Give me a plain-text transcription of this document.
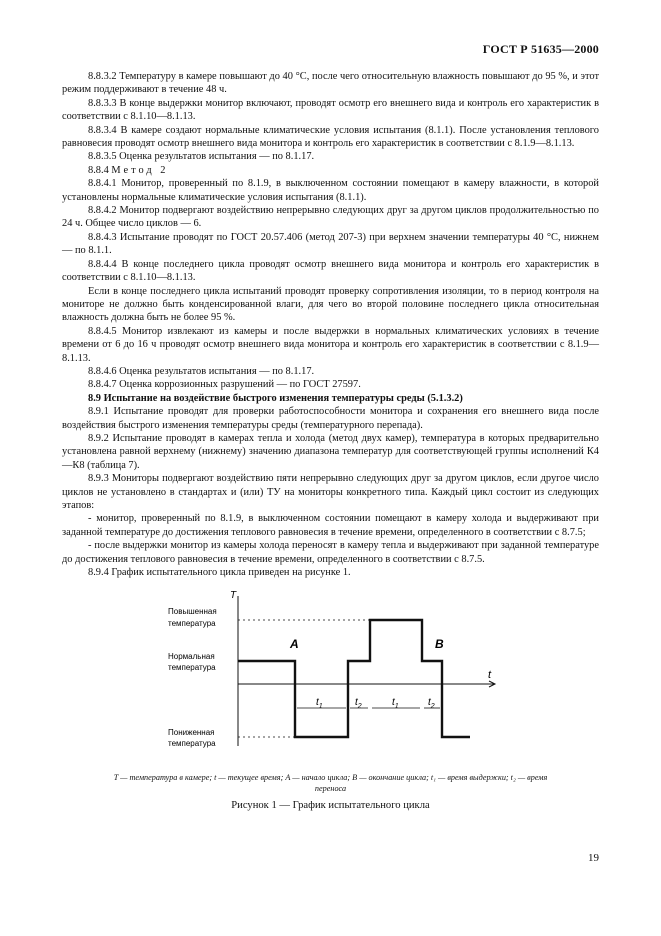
ГОСТ Р 51635—2000

8.8.3.2 Температуру в камере повышают до 40 °С, после чего относительную влажность повышают до 95 %, и этот режим поддерживают в течение 48 ч.

8.8.3.3 В конце выдержки монитор включают, проводят осмотр его внешнего вида и контроль его характеристик в соответствии с 8.1.10—8.1.13.

8.8.3.4 В камере создают нормальные климатические условия испытания (8.1.1). После установления теплового равновесия проводят осмотр внешнего вида монитора и контроль его характеристик в соответствии с 8.1.9—8.1.13.

8.8.3.5 Оценка результатов испытания — по 8.1.17.

8.8.4 Метод 2

8.8.4.1 Монитор, проверенный по 8.1.9, в выключенном состоянии помещают в камеру влажности, в которой установлены нормальные климатические условия испытания (8.1.1).

8.8.4.2 Монитор подвергают воздействию непрерывно следующих друг за другом циклов продолжительностью по 24 ч. Общее число циклов — 6.

8.8.4.3 Испытание проводят по ГОСТ 20.57.406 (метод 207-3) при верхнем значении температуры 40 °С, нижнем — по 8.1.1.

8.8.4.4 В конце последнего цикла проводят осмотр внешнего вида монитора и контроль его характеристик в соответствии с 8.1.10—8.1.13.

Если в конце последнего цикла испытаний проводят проверку сопротивления изоляции, то в период контроля на мониторе не должно быть конденсированной влаги, для чего во второй половине последнего цикла относительная влажность должна быть не более 95 %.

8.8.4.5 Монитор извлекают из камеры и после выдержки в нормальных климатических условиях в течение времени от 6 до 16 ч проводят осмотр внешнего вида монитора и контроль его характеристик в соответствии с 8.1.9—8.1.13.

8.8.4.6 Оценка результатов испытания — по 8.1.17.

8.8.4.7 Оценка коррозионных разрушений — по ГОСТ 27597.

8.9 Испытание на воздействие быстрого изменения температуры среды (5.1.3.2)

8.9.1 Испытание проводят для проверки работоспособности монитора и сохранения его внешнего вида после воздействия быстрого изменения температуры среды (температурного перепада).

8.9.2 Испытание проводят в камерах тепла и холода (метод двух камер), температура в которых предварительно установлена равной верхнему (нижнему) значению диапазона температур для соответствующей группы исполнений К4—К8 (таблица 7).

8.9.3 Мониторы подвергают воздействию пяти непрерывно следующих друг за другом циклов, если другое число циклов не установлено в стандартах и (или) ТУ на мониторы конкретного типа. Каждый цикл состоит из следующих этапов:

- монитор, проверенный по 8.1.9, в выключенном состоянии помещают в камеру холода и выдерживают при заданной температуре до достижения теплового равновесия в течение времени, определенного в соответствии с 8.7.5;

- после выдержки монитор из камеры холода переносят в камеру тепла и выдерживают при заданной температуре до достижения теплового равновесия в течение времени, определенного в соответствии с 8.7.5.

8.9.4 График испытательного цикла приведен на рисунке 1.

T
t
Повышенная
температура
Нормальная
температура
Пониженная
температура
A	B
$t_1$	$t_2$	$t_1$	$t_2$
T — температура в камере; t — текущее время; A — начало цикла; B — окончание цикла; t₁ — время выдержки; t₂ — время
переноса
Рисунок 1 — График испытательного цикла
19
